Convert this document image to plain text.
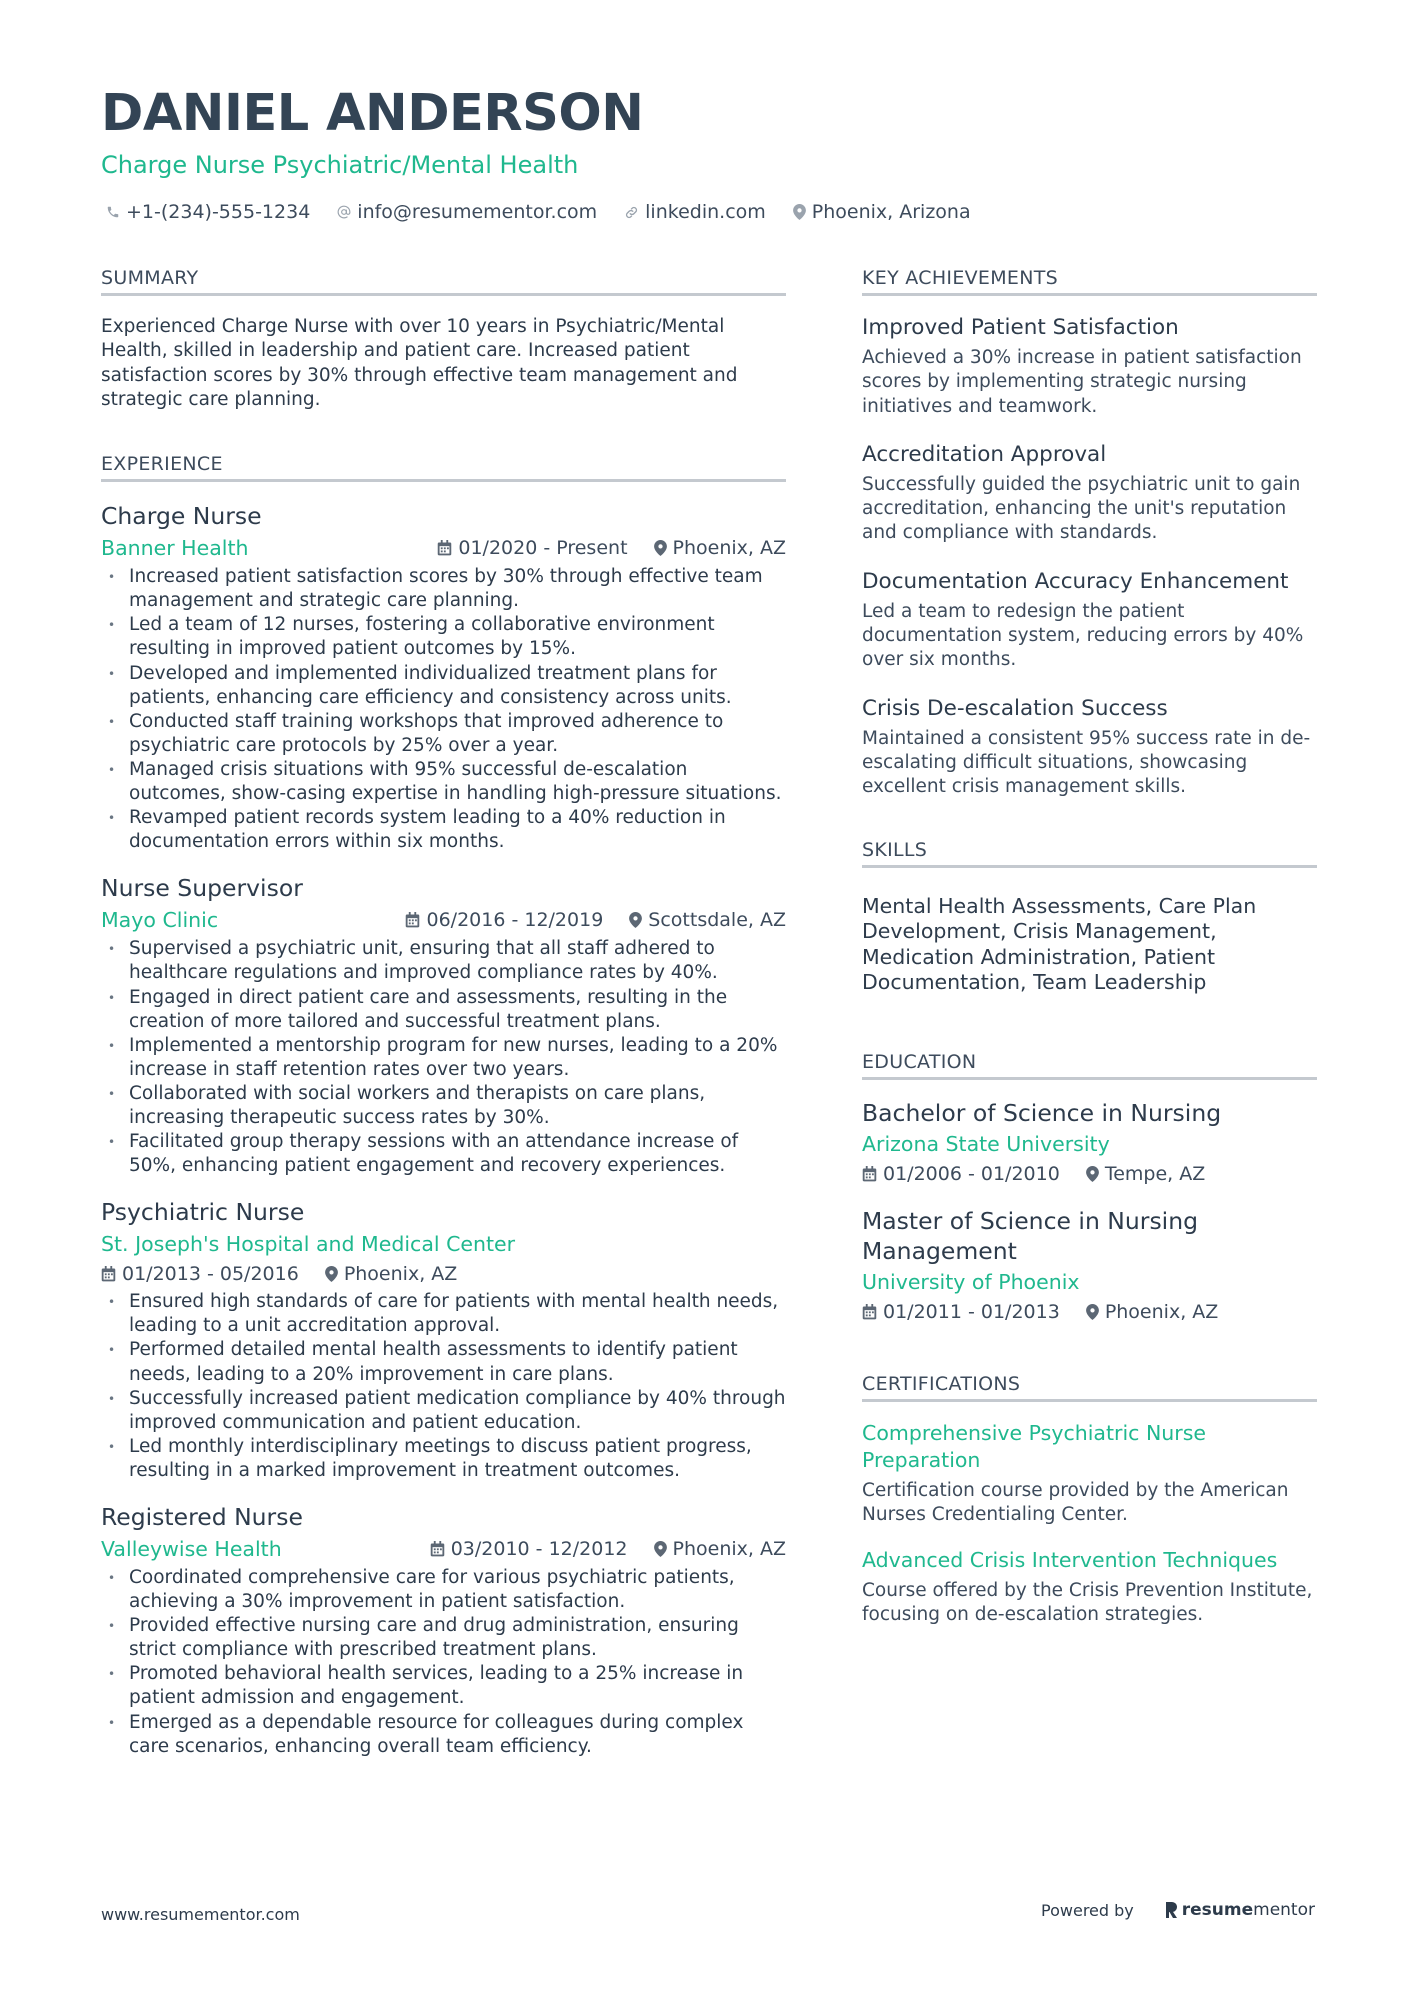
DANIEL ANDERSON
Charge Nurse Psychiatric/Mental Health
+1-(234)-555-1234 info@resumementor.com	linkedin.com Phoenix, Arizona
SUMMARY

Experienced Charge Nurse with over 10 years in Psychiatric/Mental Health, skilled in leadership and patient care. Increased patient satisfaction scores by 30% through effective team management and strategic care planning.

EXPERIENCE
Charge Nurse
Banner Health	01/2020 - Present Phoenix, AZ
• Increased patient satisfaction scores by 30% through effective team management and strategic care planning.
• Led a team of 12 nurses, fostering a collaborative environment resulting in improved patient outcomes by 15%.
• Developed and implemented individualized treatment plans for patients, enhancing care efficiency and consistency across units.
• Conducted staff training workshops that improved adherence to psychiatric care protocols by 25% over a year.
• Managed crisis situations with 95% successful de-escalation outcomes, show-casing expertise in handling high-pressure situations.
• Revamped patient records system leading to a 40% reduction in documentation errors within six months.
Nurse Supervisor
Mayo Clinic	06/2016 - 12/2019 Scottsdale, AZ
• Supervised a psychiatric unit, ensuring that all staff adhered to healthcare regulations and improved compliance rates by 40%.
• Engaged in direct patient care and assessments, resulting in the creation of more tailored and successful treatment plans.
• Implemented a mentorship program for new nurses, leading to a 20% increase in staff retention rates over two years.
• Collaborated with social workers and therapists on care plans, increasing therapeutic success rates by 30%.
• Facilitated group therapy sessions with an attendance increase of 50%, enhancing patient engagement and recovery experiences.
Psychiatric Nurse
St. Joseph's Hospital and Medical Center
01/2013 - 05/2016 Phoenix, AZ
• Ensured high standards of care for patients with mental health needs, leading to a unit accreditation approval.
• Performed detailed mental health assessments to identify patient needs, leading to a 20% improvement in care plans.
• Successfully increased patient medication compliance by 40% through improved communication and patient education.
• Led monthly interdisciplinary meetings to discuss patient progress, resulting in a marked improvement in treatment outcomes.
Registered Nurse
Valleywise Health	03/2010 - 12/2012 Phoenix, AZ
• Coordinated comprehensive care for various psychiatric patients, achieving a 30% improvement in patient satisfaction.
• Provided effective nursing care and drug administration, ensuring strict compliance with prescribed treatment plans.
• Promoted behavioral health services, leading to a 25% increase in patient admission and engagement.
• Emerged as a dependable resource for colleagues during complex care scenarios, enhancing overall team efficiency.
KEY ACHIEVEMENTS
Improved Patient Satisfaction
Achieved a 30% increase in patient satisfaction scores by implementing strategic nursing initiatives and teamwork.
Accreditation Approval
Successfully guided the psychiatric unit to gain accreditation, enhancing the unit's reputation and compliance with standards.
Documentation Accuracy Enhancement
Led a team to redesign the patient documentation system, reducing errors by 40% over six months.
Crisis De-escalation Success
Maintained a consistent 95% success rate in de-escalating difficult situations, showcasing excellent crisis management skills.
SKILLS

Mental Health Assessments, Care Plan Development, Crisis Management, Medication Administration, Patient Documentation, Team Leadership

EDUCATION
Bachelor of Science in Nursing
Arizona State University
01/2006 - 01/2010 Tempe, AZ
Master of Science in Nursing Management
University of Phoenix
01/2011 - 01/2013 Phoenix, AZ
CERTIFICATIONS
Comprehensive Psychiatric Nurse Preparation
Certification course provided by the American Nurses Credentialing Center.
Advanced Crisis Intervention Techniques
Course offered by the Crisis Prevention Institute, focusing on de-escalation strategies.
www.resumementor.com	Powered by	resume mentor
